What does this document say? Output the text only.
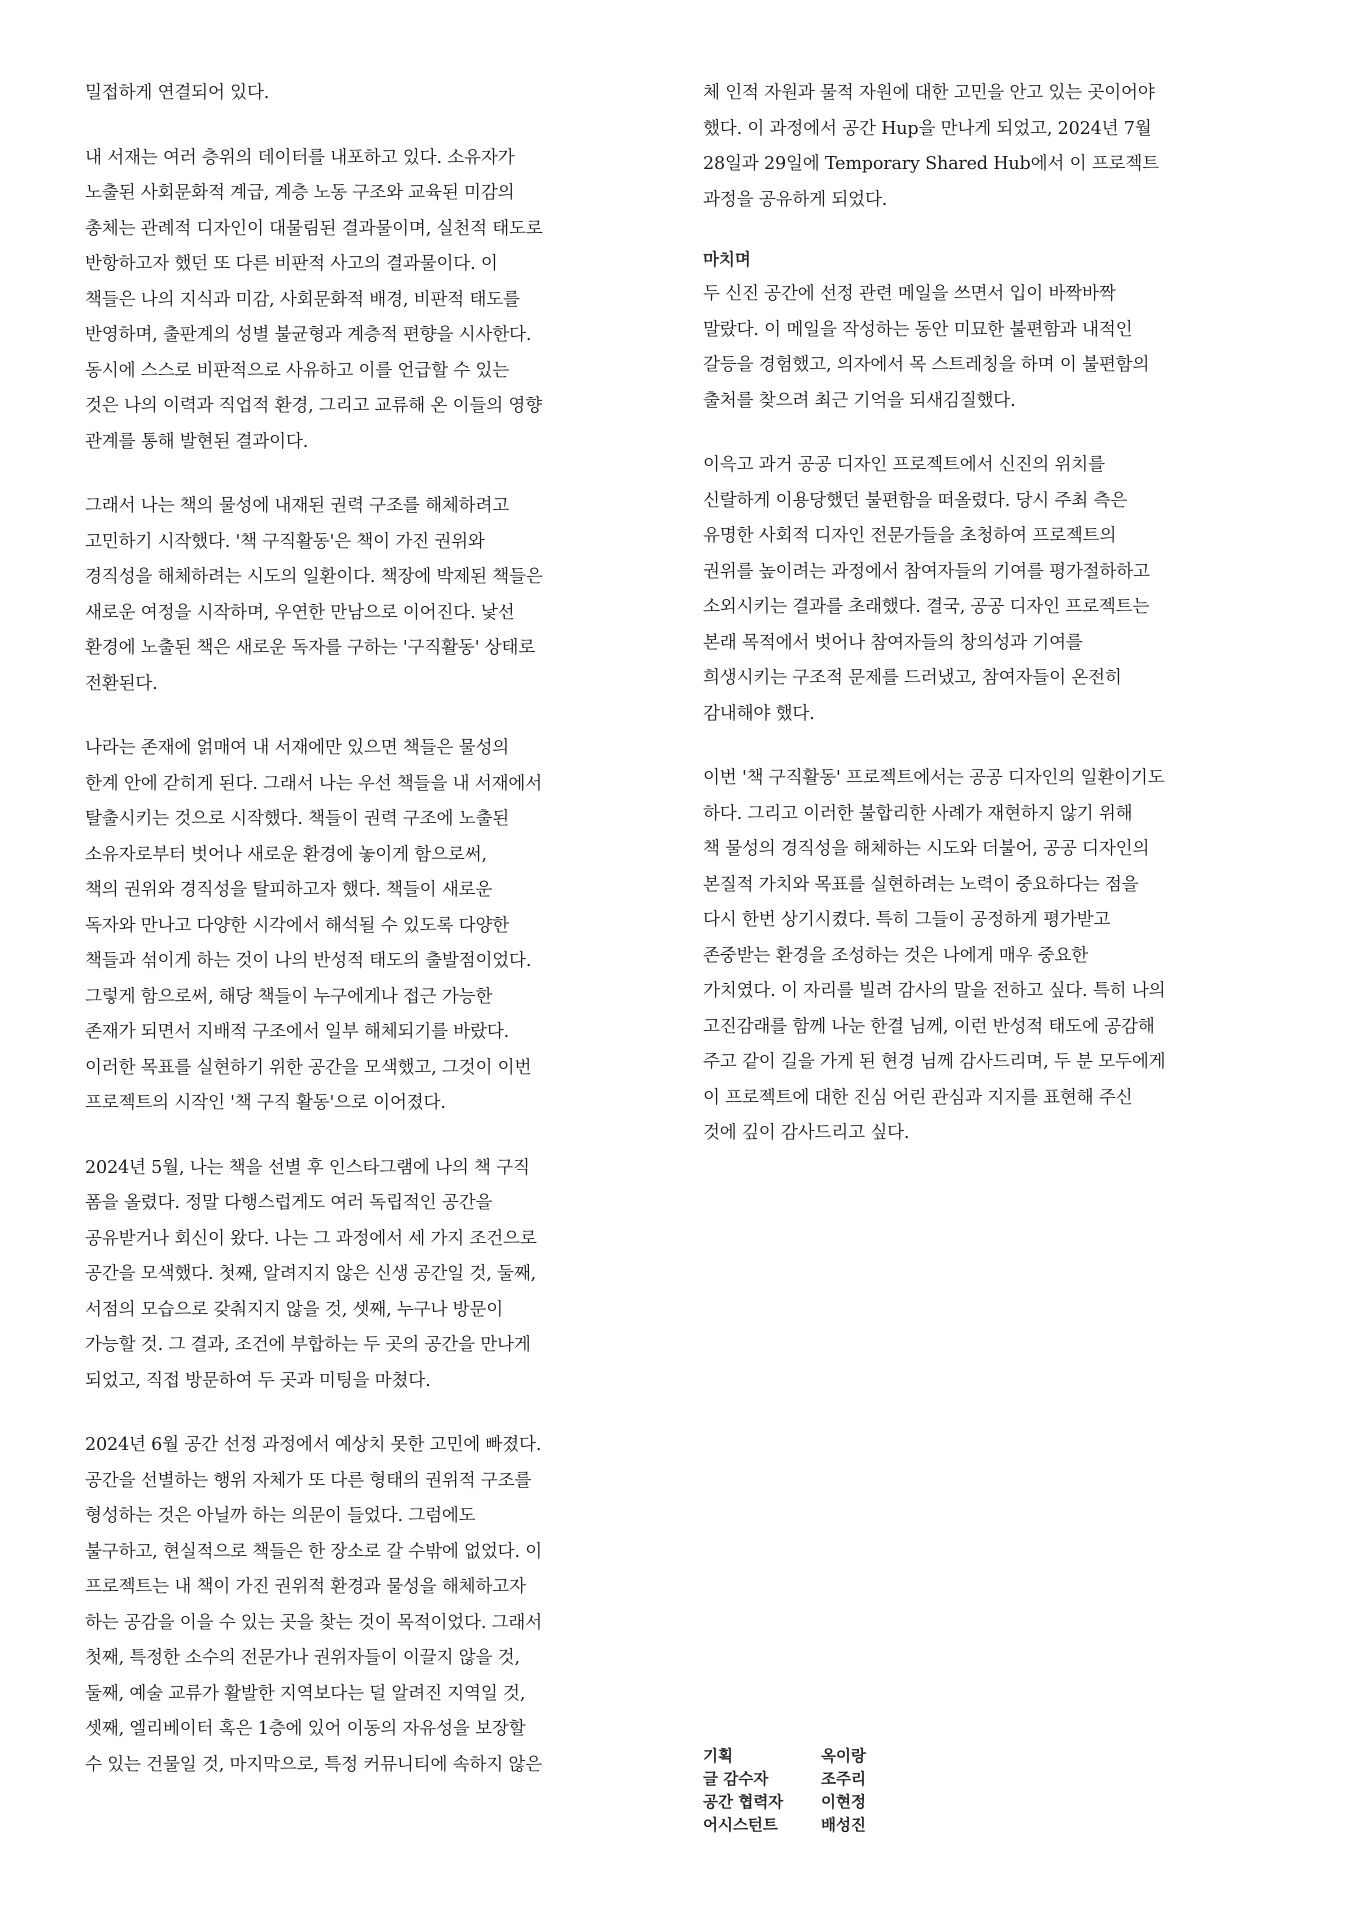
밀접하게 연결되어 있다.
내 서재는 여러 층위의 데이터를 내포하고 있다. 소유자가
노출된 사회문화적 계급, 계층 노동 구조와 교육된 미감의
총체는 관례적 디자인이 대물림된 결과물이며, 실천적 태도로
반항하고자 했던 또 다른 비판적 사고의 결과물이다. 이
책들은 나의 지식과 미감, 사회문화적 배경, 비판적 태도를
반영하며, 출판계의 성별 불균형과 계층적 편향을 시사한다.
동시에 스스로 비판적으로 사유하고 이를 언급할 수 있는
것은 나의 이력과 직업적 환경, 그리고 교류해 온 이들의 영향
관계를 통해 발현된 결과이다.
그래서 나는 책의 물성에 내재된 권력 구조를 해체하려고
고민하기 시작했다. '책 구직활동'은 책이 가진 권위와
경직성을 해체하려는 시도의 일환이다. 책장에 박제된 책들은
새로운 여정을 시작하며, 우연한 만남으로 이어진다. 낯선
환경에 노출된 책은 새로운 독자를 구하는 '구직활동' 상태로
전환된다.
나라는 존재에 얽매여 내 서재에만 있으면 책들은 물성의
한계 안에 갇히게 된다. 그래서 나는 우선 책들을 내 서재에서
탈출시키는 것으로 시작했다. 책들이 권력 구조에 노출된
소유자로부터 벗어나 새로운 환경에 놓이게 함으로써,
책의 권위와 경직성을 탈피하고자 했다. 책들이 새로운
독자와 만나고 다양한 시각에서 해석될 수 있도록 다양한
책들과 섞이게 하는 것이 나의 반성적 태도의 출발점이었다.
그렇게 함으로써, 해당 책들이 누구에게나 접근 가능한
존재가 되면서 지배적 구조에서 일부 해체되기를 바랐다.
이러한 목표를 실현하기 위한 공간을 모색했고, 그것이 이번
프로젝트의 시작인 '책 구직 활동'으로 이어졌다.
2024년 5월, 나는 책을 선별 후 인스타그램에 나의 책 구직
폼을 올렸다. 정말 다행스럽게도 여러 독립적인 공간을
공유받거나 회신이 왔다. 나는 그 과정에서 세 가지 조건으로
공간을 모색했다. 첫째, 알려지지 않은 신생 공간일 것, 둘째,
서점의 모습으로 갖춰지지 않을 것, 셋째, 누구나 방문이
가능할 것. 그 결과, 조건에 부합하는 두 곳의 공간을 만나게
되었고, 직접 방문하여 두 곳과 미팅을 마쳤다.
2024년 6월 공간 선정 과정에서 예상치 못한 고민에 빠졌다.
공간을 선별하는 행위 자체가 또 다른 형태의 권위적 구조를
형성하는 것은 아닐까 하는 의문이 들었다. 그럼에도
불구하고, 현실적으로 책들은 한 장소로 갈 수밖에 없었다. 이
프로젝트는 내 책이 가진 권위적 환경과 물성을 해체하고자
하는 공감을 이을 수 있는 곳을 찾는 것이 목적이었다. 그래서
첫째, 특정한 소수의 전문가나 권위자들이 이끌지 않을 것,
둘째, 예술 교류가 활발한 지역보다는 덜 알려진 지역일 것,
셋째, 엘리베이터 혹은 1층에 있어 이동의 자유성을 보장할
수 있는 건물일 것, 마지막으로, 특정 커뮤니티에 속하지 않은
체 인적 자원과 물적 자원에 대한 고민을 안고 있는 곳이어야
했다. 이 과정에서 공간 Hup을 만나게 되었고, 2024년 7월
28일과 29일에 Temporary Shared Hub에서 이 프로젝트
과정을 공유하게 되었다.
마치며
두 신진 공간에 선정 관련 메일을 쓰면서 입이 바짝바짝
말랐다. 이 메일을 작성하는 동안 미묘한 불편함과 내적인
갈등을 경험했고, 의자에서 목 스트레칭을 하며 이 불편함의
출처를 찾으려 최근 기억을 되새김질했다.
이윽고 과거 공공 디자인 프로젝트에서 신진의 위치를
신랄하게 이용당했던 불편함을 떠올렸다. 당시 주최 측은
유명한 사회적 디자인 전문가들을 초청하여 프로젝트의
권위를 높이려는 과정에서 참여자들의 기여를 평가절하하고
소외시키는 결과를 초래했다. 결국, 공공 디자인 프로젝트는
본래 목적에서 벗어나 참여자들의 창의성과 기여를
희생시키는 구조적 문제를 드러냈고, 참여자들이 온전히
감내해야 했다.
이번 '책 구직활동' 프로젝트에서는 공공 디자인의 일환이기도
하다. 그리고 이러한 불합리한 사례가 재현하지 않기 위해
책 물성의 경직성을 해체하는 시도와 더불어, 공공 디자인의
본질적 가치와 목표를 실현하려는 노력이 중요하다는 점을
다시 한번 상기시켰다. 특히 그들이 공정하게 평가받고
존중받는 환경을 조성하는 것은 나에게 매우 중요한
가치였다. 이 자리를 빌려 감사의 말을 전하고 싶다. 특히 나의
고진감래를 함께 나눈 한결 님께, 이런 반성적 태도에 공감해
주고 같이 길을 가게 된 현경 님께 감사드리며, 두 분 모두에게
이 프로젝트에 대한 진심 어린 관심과 지지를 표현해 주신
것에 깊이 감사드리고 싶다.
기획	옥이랑
글 감수자	조주리
공간 협력자	이현정
어시스턴트	배성진
